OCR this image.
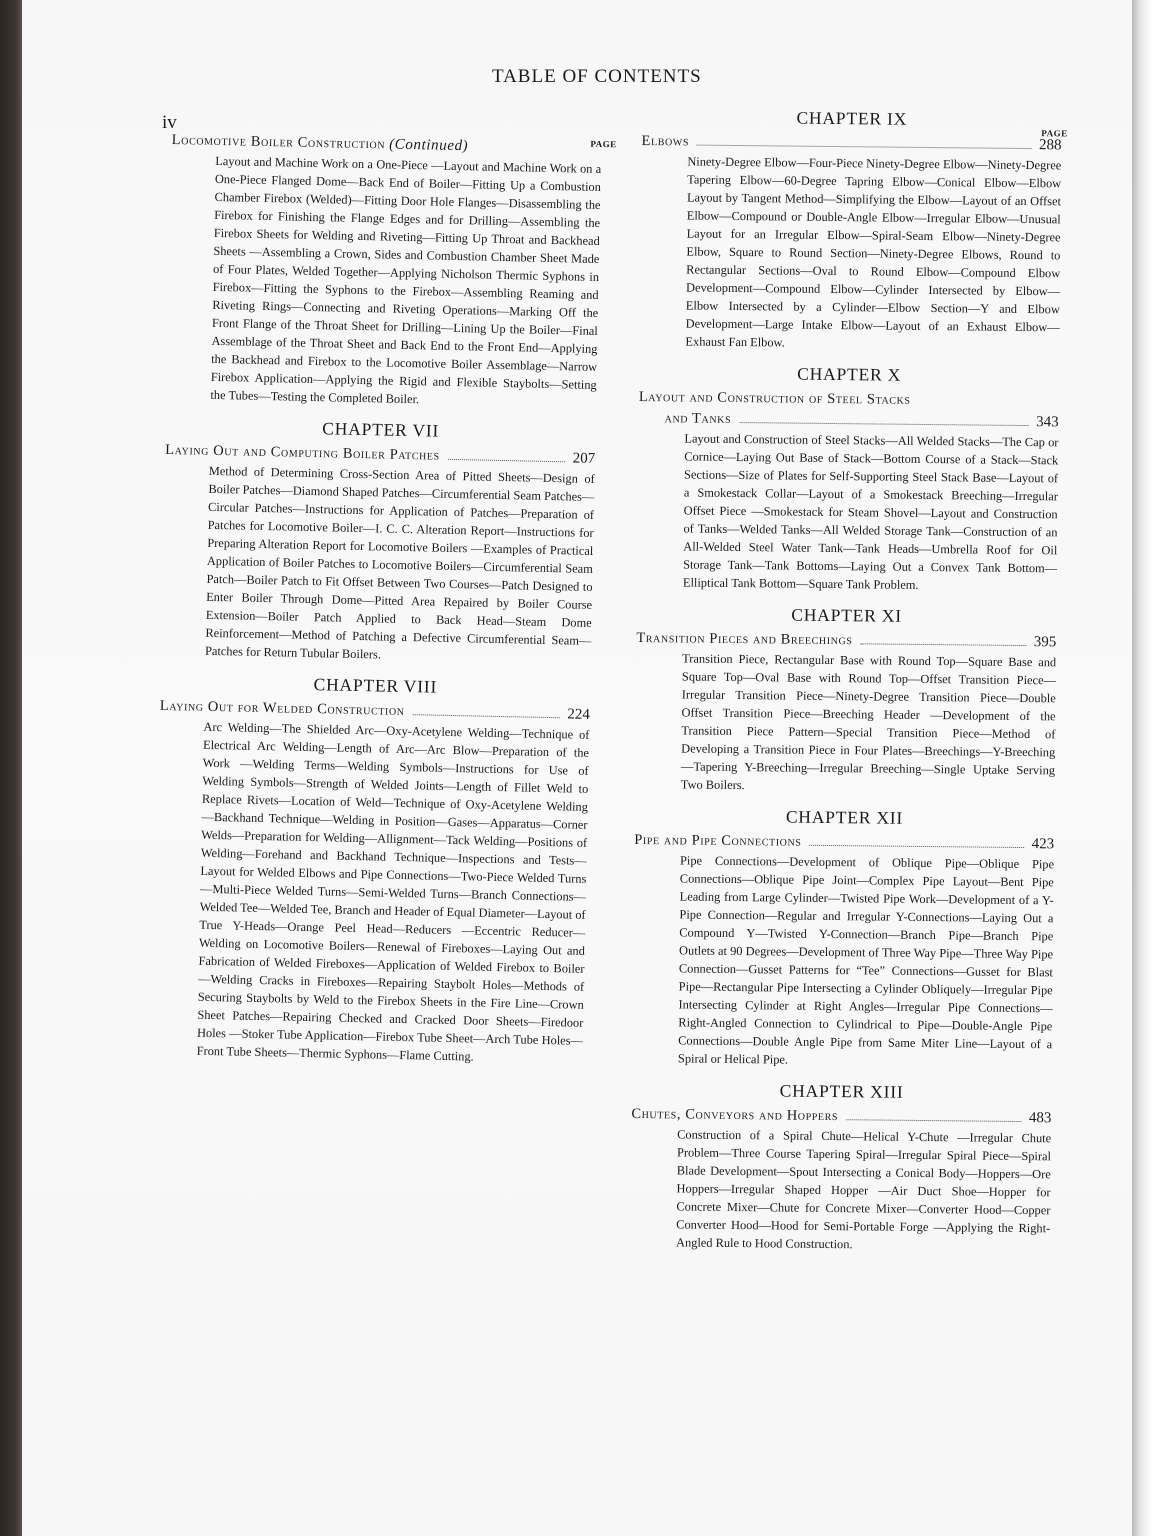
TABLE OF CONTENTS
iv
PAGE
Locomotive Boiler Construction (Continued)
Layout and Machine Work on a One-Piece —Layout and Machine Work on a One-Piece Flanged Dome—Back End of Boiler—Fitting Up a Combustion Chamber Firebox (Welded)—Fitting Door Hole Flanges—Disassembling the Firebox for Finishing the Flange Edges and for Drilling—Assembling the Firebox Sheets for Welding and Riveting—Fitting Up Throat and Backhead Sheets —Assembling a Crown, Sides and Combustion Chamber Sheet Made of Four Plates, Welded Together—Applying Nicholson Thermic Syphons in Firebox—Fitting the Syphons to the Firebox—Assembling Reaming and Riveting Rings—Connecting and Riveting Operations—Marking Off the Front Flange of the Throat Sheet for Drilling—Lining Up the Boiler—Final Assemblage of the Throat Sheet and Back End to the Front End—Applying the Backhead and Firebox to the Locomotive Boiler Assemblage—Narrow Firebox Application—Applying the Rigid and Flexible Staybolts—Setting the Tubes—Testing the Completed Boiler.
CHAPTER VII
Laying Out and Computing Boiler Patches	207
Method of Determining Cross-Section Area of Pitted Sheets—Design of Boiler Patches—Diamond Shaped Patches—Circumferential Seam Patches—Circular Patches—Instructions for Application of Patches—Preparation of Patches for Locomotive Boiler—I. C. C. Alteration Report—Instructions for Preparing Alteration Report for Locomotive Boilers —Examples of Practical Application of Boiler Patches to Locomotive Boilers—Circumferential Seam Patch—Boiler Patch to Fit Offset Between Two Courses—Patch Designed to Enter Boiler Through Dome—Pitted Area Repaired by Boiler Course Extension—Boiler Patch Applied to Back Head—Steam Dome Reinforcement—Method of Patching a Defective Circumferential Seam—Patches for Return Tubular Boilers.
CHAPTER VIII
Laying Out for Welded Construction	224
Arc Welding—The Shielded Arc—Oxy-Acetylene Welding—Technique of Electrical Arc Welding—Length of Arc—Arc Blow—Preparation of the Work —Welding Terms—Welding Symbols—Instructions for Use of Welding Symbols—Strength of Welded Joints—Length of Fillet Weld to Replace Rivets—Location of Weld—Technique of Oxy-Acetylene Welding—Backhand Technique—Welding in Position—Gases—Apparatus—Corner Welds—Preparation for Welding—Allignment—Tack Welding—Positions of Welding—Forehand and Backhand Technique—Inspections and Tests—Layout for Welded Elbows and Pipe Connections—Two-Piece Welded Turns—Multi-Piece Welded Turns—Semi-Welded Turns—Branch Connections—Welded Tee—Welded Tee, Branch and Header of Equal Diameter—Layout of True Y-Heads—Orange Peel Head—Reducers —Eccentric Reducer—Welding on Locomotive Boilers—Renewal of Fireboxes—Laying Out and Fabrication of Welded Fireboxes—Application of Welded Firebox to Boiler—Welding Cracks in Fireboxes—Repairing Staybolt Holes—Methods of Securing Staybolts by Weld to the Firebox Sheets in the Fire Line—Crown Sheet Patches—Repairing Checked and Cracked Door Sheets—Firedoor Holes —Stoker Tube Application—Firebox Tube Sheet—Arch Tube Holes—Front Tube Sheets—Thermic Syphons—Flame Cutting.
CHAPTER IX
PAGE
Elbows	288
Ninety-Degree Elbow—Four-Piece Ninety-Degree Elbow—Ninety-Degree Tapering Elbow—60-Degree Tapring Elbow—Conical Elbow—Elbow Layout by Tangent Method—Simplifying the Elbow—Layout of an Offset Elbow—Compound or Double-Angle Elbow—Irregular Elbow—Unusual Layout for an Irregular Elbow—Spiral-Seam Elbow—Ninety-Degree Elbow, Square to Round Section—Ninety-Degree Elbows, Round to Rectangular Sections—Oval to Round Elbow—Compound Elbow Development—Compound Elbow—Cylinder Intersected by Elbow—Elbow Intersected by a Cylinder—Elbow Section—Y and Elbow Development—Large Intake Elbow—Layout of an Exhaust Elbow—Exhaust Fan Elbow.
CHAPTER X
Layout and Construction of Steel Stacks
and Tanks	343
Layout and Construction of Steel Stacks—All Welded Stacks—The Cap or Cornice—Laying Out Base of Stack—Bottom Course of a Stack—Stack Sections—Size of Plates for Self-Supporting Steel Stack Base—Layout of a Smokestack Collar—Layout of a Smokestack Breeching—Irregular Offset Piece —Smokestack for Steam Shovel—Layout and Construction of Tanks—Welded Tanks—All Welded Storage Tank—Construction of an All-Welded Steel Water Tank—Tank Heads—Umbrella Roof for Oil Storage Tank—Tank Bottoms—Laying Out a Convex Tank Bottom—Elliptical Tank Bottom—Square Tank Problem.
CHAPTER XI
Transition Pieces and Breechings	395
Transition Piece, Rectangular Base with Round Top—Square Base and Square Top—Oval Base with Round Top—Offset Transition Piece—Irregular Transition Piece—Ninety-Degree Transition Piece—Double Offset Transition Piece—Breeching Header —Development of the Transition Piece Pattern—Special Transition Piece—Method of Developing a Transition Piece in Four Plates—Breechings—Y-Breeching—Tapering Y-Breeching—Irregular Breeching—Single Uptake Serving Two Boilers.
CHAPTER XII
Pipe and Pipe Connections	423
Pipe Connections—Development of Oblique Pipe—Oblique Pipe Connections—Oblique Pipe Joint—Complex Pipe Layout—Bent Pipe Leading from Large Cylinder—Twisted Pipe Work—Development of a Y-Pipe Connection—Regular and Irregular Y-Connections—Laying Out a Compound Y—Twisted Y-Connection—Branch Pipe—Branch Pipe Outlets at 90 Degrees—Development of Three Way Pipe—Three Way Pipe Connection—Gusset Patterns for “Tee” Connections—Gusset for Blast Pipe—Rectangular Pipe Intersecting a Cylinder Obliquely—Irregular Pipe Intersecting Cylinder at Right Angles—Irregular Pipe Connections—Right-Angled Connection to Cylindrical to Pipe—Double-Angle Pipe Connections—Double Angle Pipe from Same Miter Line—Layout of a Spiral or Helical Pipe.
CHAPTER XIII
Chutes, Conveyors and Hoppers	483
Construction of a Spiral Chute—Helical Y-Chute —Irregular Chute Problem—Three Course Tapering Spiral—Irregular Spiral Piece—Spiral Blade Development—Spout Intersecting a Conical Body—Hoppers—Ore Hoppers—Irregular Shaped Hopper —Air Duct Shoe—Hopper for Concrete Mixer—Chute for Concrete Mixer—Converter Hood—Copper Converter Hood—Hood for Semi-Portable Forge —Applying the Right-Angled Rule to Hood Construction.
